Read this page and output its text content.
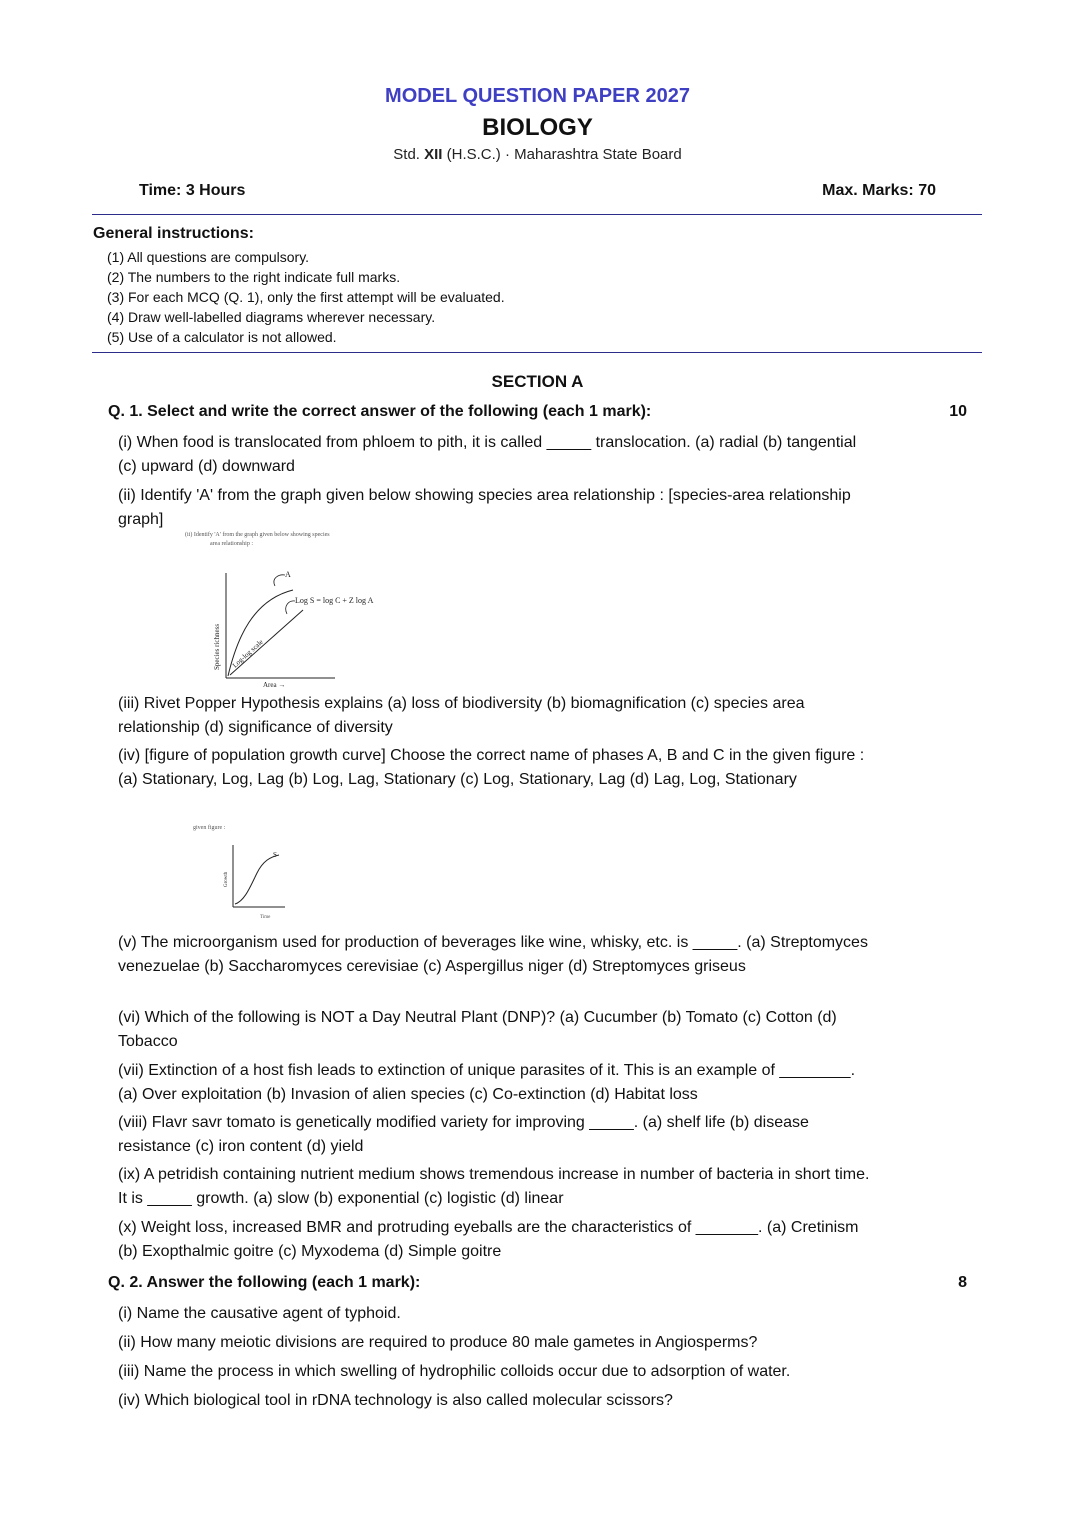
MODEL QUESTION PAPER 2027
BIOLOGY
Std. XII (H.S.C.) · Maharashtra State Board
Time: 3 Hours	Max. Marks: 70
General instructions:
(1) All questions are compulsory.
(2) The numbers to the right indicate full marks.
(3) For each MCQ (Q. 1), only the first attempt will be evaluated.
(4) Draw well-labelled diagrams wherever necessary.
(5) Use of a calculator is not allowed.
SECTION A
Q. 1. Select and write the correct answer of the following (each 1 mark):	10
(i) When food is translocated from phloem to pith, it is called _____ translocation. (a) radial (b) tangential (c) upward (d) downward
(ii) Identify 'A' from the graph given below showing species area relationship : [species-area relationship graph]
(ii) Identify 'A' from the graph given below showing species
area relationship :
A
Log S = log C + Z log A
Species richness Log-log scale
Area →
(iii) Rivet Popper Hypothesis explains (a) loss of biodiversity (b) biomagnification (c) species area relationship (d) significance of diversity
(iv) [figure of population growth curve] Choose the correct name of phases A, B and C in the given figure : (a) Stationary, Log, Lag (b) Log, Lag, Stationary (c) Log, Stationary, Lag (d) Lag, Log, Stationary
given figure :
S
Growth
Time
(v) The microorganism used for production of beverages like wine, whisky, etc. is _____. (a) Streptomyces venezuelae (b) Saccharomyces cerevisiae (c) Aspergillus niger (d) Streptomyces griseus
(vi) Which of the following is NOT a Day Neutral Plant (DNP)? (a) Cucumber (b) Tomato (c) Cotton (d) Tobacco
(vii) Extinction of a host fish leads to extinction of unique parasites of it. This is an example of ________. (a) Over exploitation (b) Invasion of alien species (c) Co-extinction (d) Habitat loss
(viii) Flavr savr tomato is genetically modified variety for improving _____. (a) shelf life (b) disease resistance (c) iron content (d) yield
(ix) A petridish containing nutrient medium shows tremendous increase in number of bacteria in short time. It is _____ growth. (a) slow (b) exponential (c) logistic (d) linear
(x) Weight loss, increased BMR and protruding eyeballs are the characteristics of _______. (a) Cretinism (b) Exopthalmic goitre (c) Myxodema (d) Simple goitre
Q. 2. Answer the following (each 1 mark):	8
(i) Name the causative agent of typhoid.
(ii) How many meiotic divisions are required to produce 80 male gametes in Angiosperms?
(iii) Name the process in which swelling of hydrophilic colloids occur due to adsorption of water.
(iv) Which biological tool in rDNA technology is also called molecular scissors?
